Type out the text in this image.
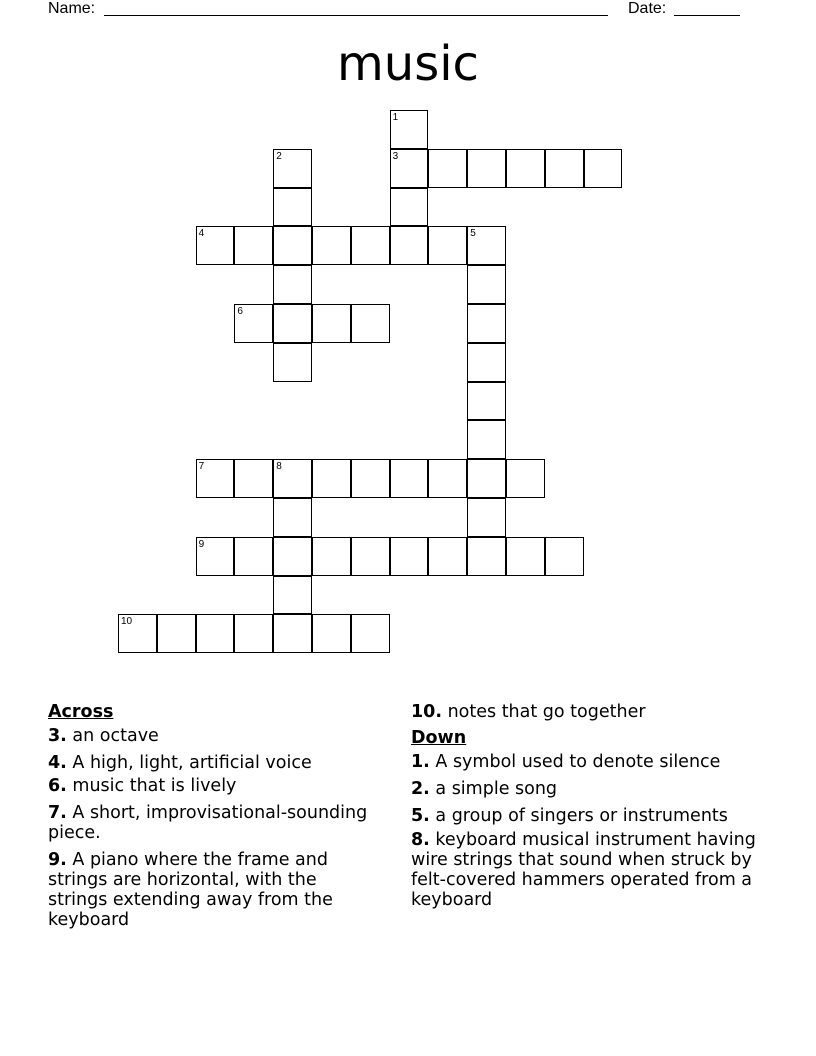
Name:	Date:
music
1
2	3
4	5
6
7	8
9
10
Across
3. an octave
4. A high, light, artificial voice
6. music that is lively
7. A short, improvisational-sounding piece.
9. A piano where the frame and strings are horizontal, with the strings extending away from the keyboard
10. notes that go together
Down
1. A symbol used to denote silence
2. a simple song
5. a group of singers or instruments
8. keyboard musical instrument having wire strings that sound when struck by felt-covered hammers operated from a keyboard
